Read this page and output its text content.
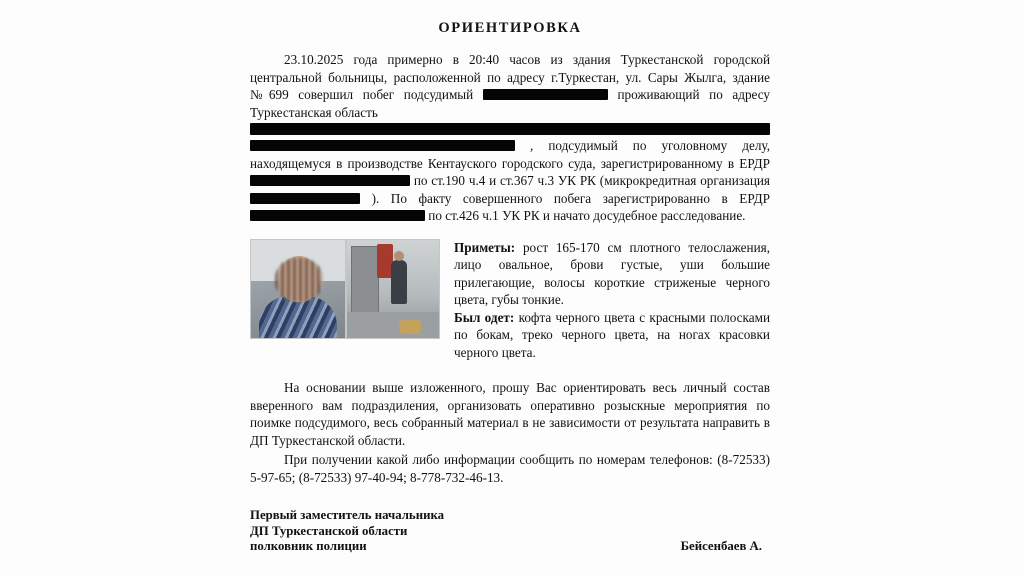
ОРИЕНТИРОВКА

23.10.2025 года примерно в 20:40 часов из здания Туркестанской городской центральной больницы, расположенной по адресу г.Туркестан, ул. Сары Жылга, здание №699 совершил побег подсудимый	проживающий по адресу Туркестанская область
, подсудимый по уголовному делу, находящемуся в производстве Кентауского городского суда, зарегистрированному в ЕРДР  по ст.190 ч.4 и ст.367 ч.3 УК РК (микрокредитная организация  ). По факту совершенного побега зарегистрированно в ЕРДР  по ст.426 ч.1 УК РК и начато досудебное расследование.

Приметы: рост 165-170 см плотного телослажения, лицо овальное, брови густые, уши большие прилегающие, волосы короткие стриженые черного цвета, губы тонкие.
Был одет: кофта черного цвета с красными полосками по бокам, треко черного цвета, на ногах красовки черного цвета.

На основании выше изложенного, прошу Вас ориентировать весь личный состав вверенного вам подраздиления, организовать оперативно розыскные мероприятия по поимке подсудимого, весь собранный материал в не зависимости от результата направить в ДП Туркестанской области.

При получении какой либо информации сообщить по номерам телефонов: (8-72533) 5-97-65; (8-72533) 97-40-94; 8-778-732-46-13.

Первый заместитель начальника
ДП Туркестанской области
полковник полиции	Бейсенбаев А.
